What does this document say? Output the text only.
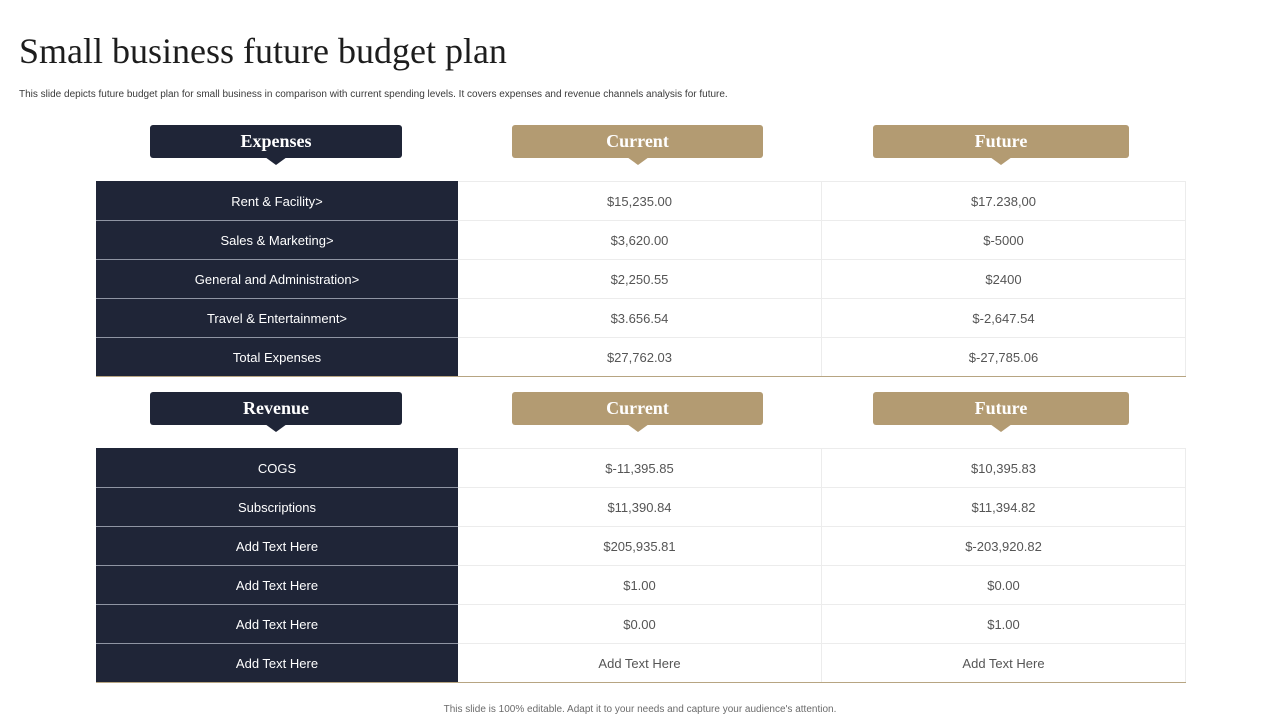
Small business future budget plan
This slide depicts future budget plan for small business in comparison with current spending levels. It covers expenses and revenue channels analysis for future.
Expenses	Current	Future
Rent & Facility>	$15,235.00	$17.238,00
Sales & Marketing>	$3,620.00	$-5000
General and Administration>	$2,250.55	$2400
Travel & Entertainment>	$3.656.54	$-2,647.54
Total Expenses	$27,762.03	$-27,785.06
Revenue	Current	Future
COGS	$-11,395.85	$10,395.83
Subscriptions	$11,390.84	$11,394.82
Add Text Here	$205,935.81	$-203,920.82
Add Text Here	$1.00	$0.00
Add Text Here	$0.00	$1.00
Add Text Here	Add Text Here	Add Text Here
This slide is 100% editable. Adapt it to your needs and capture your audience's attention.
